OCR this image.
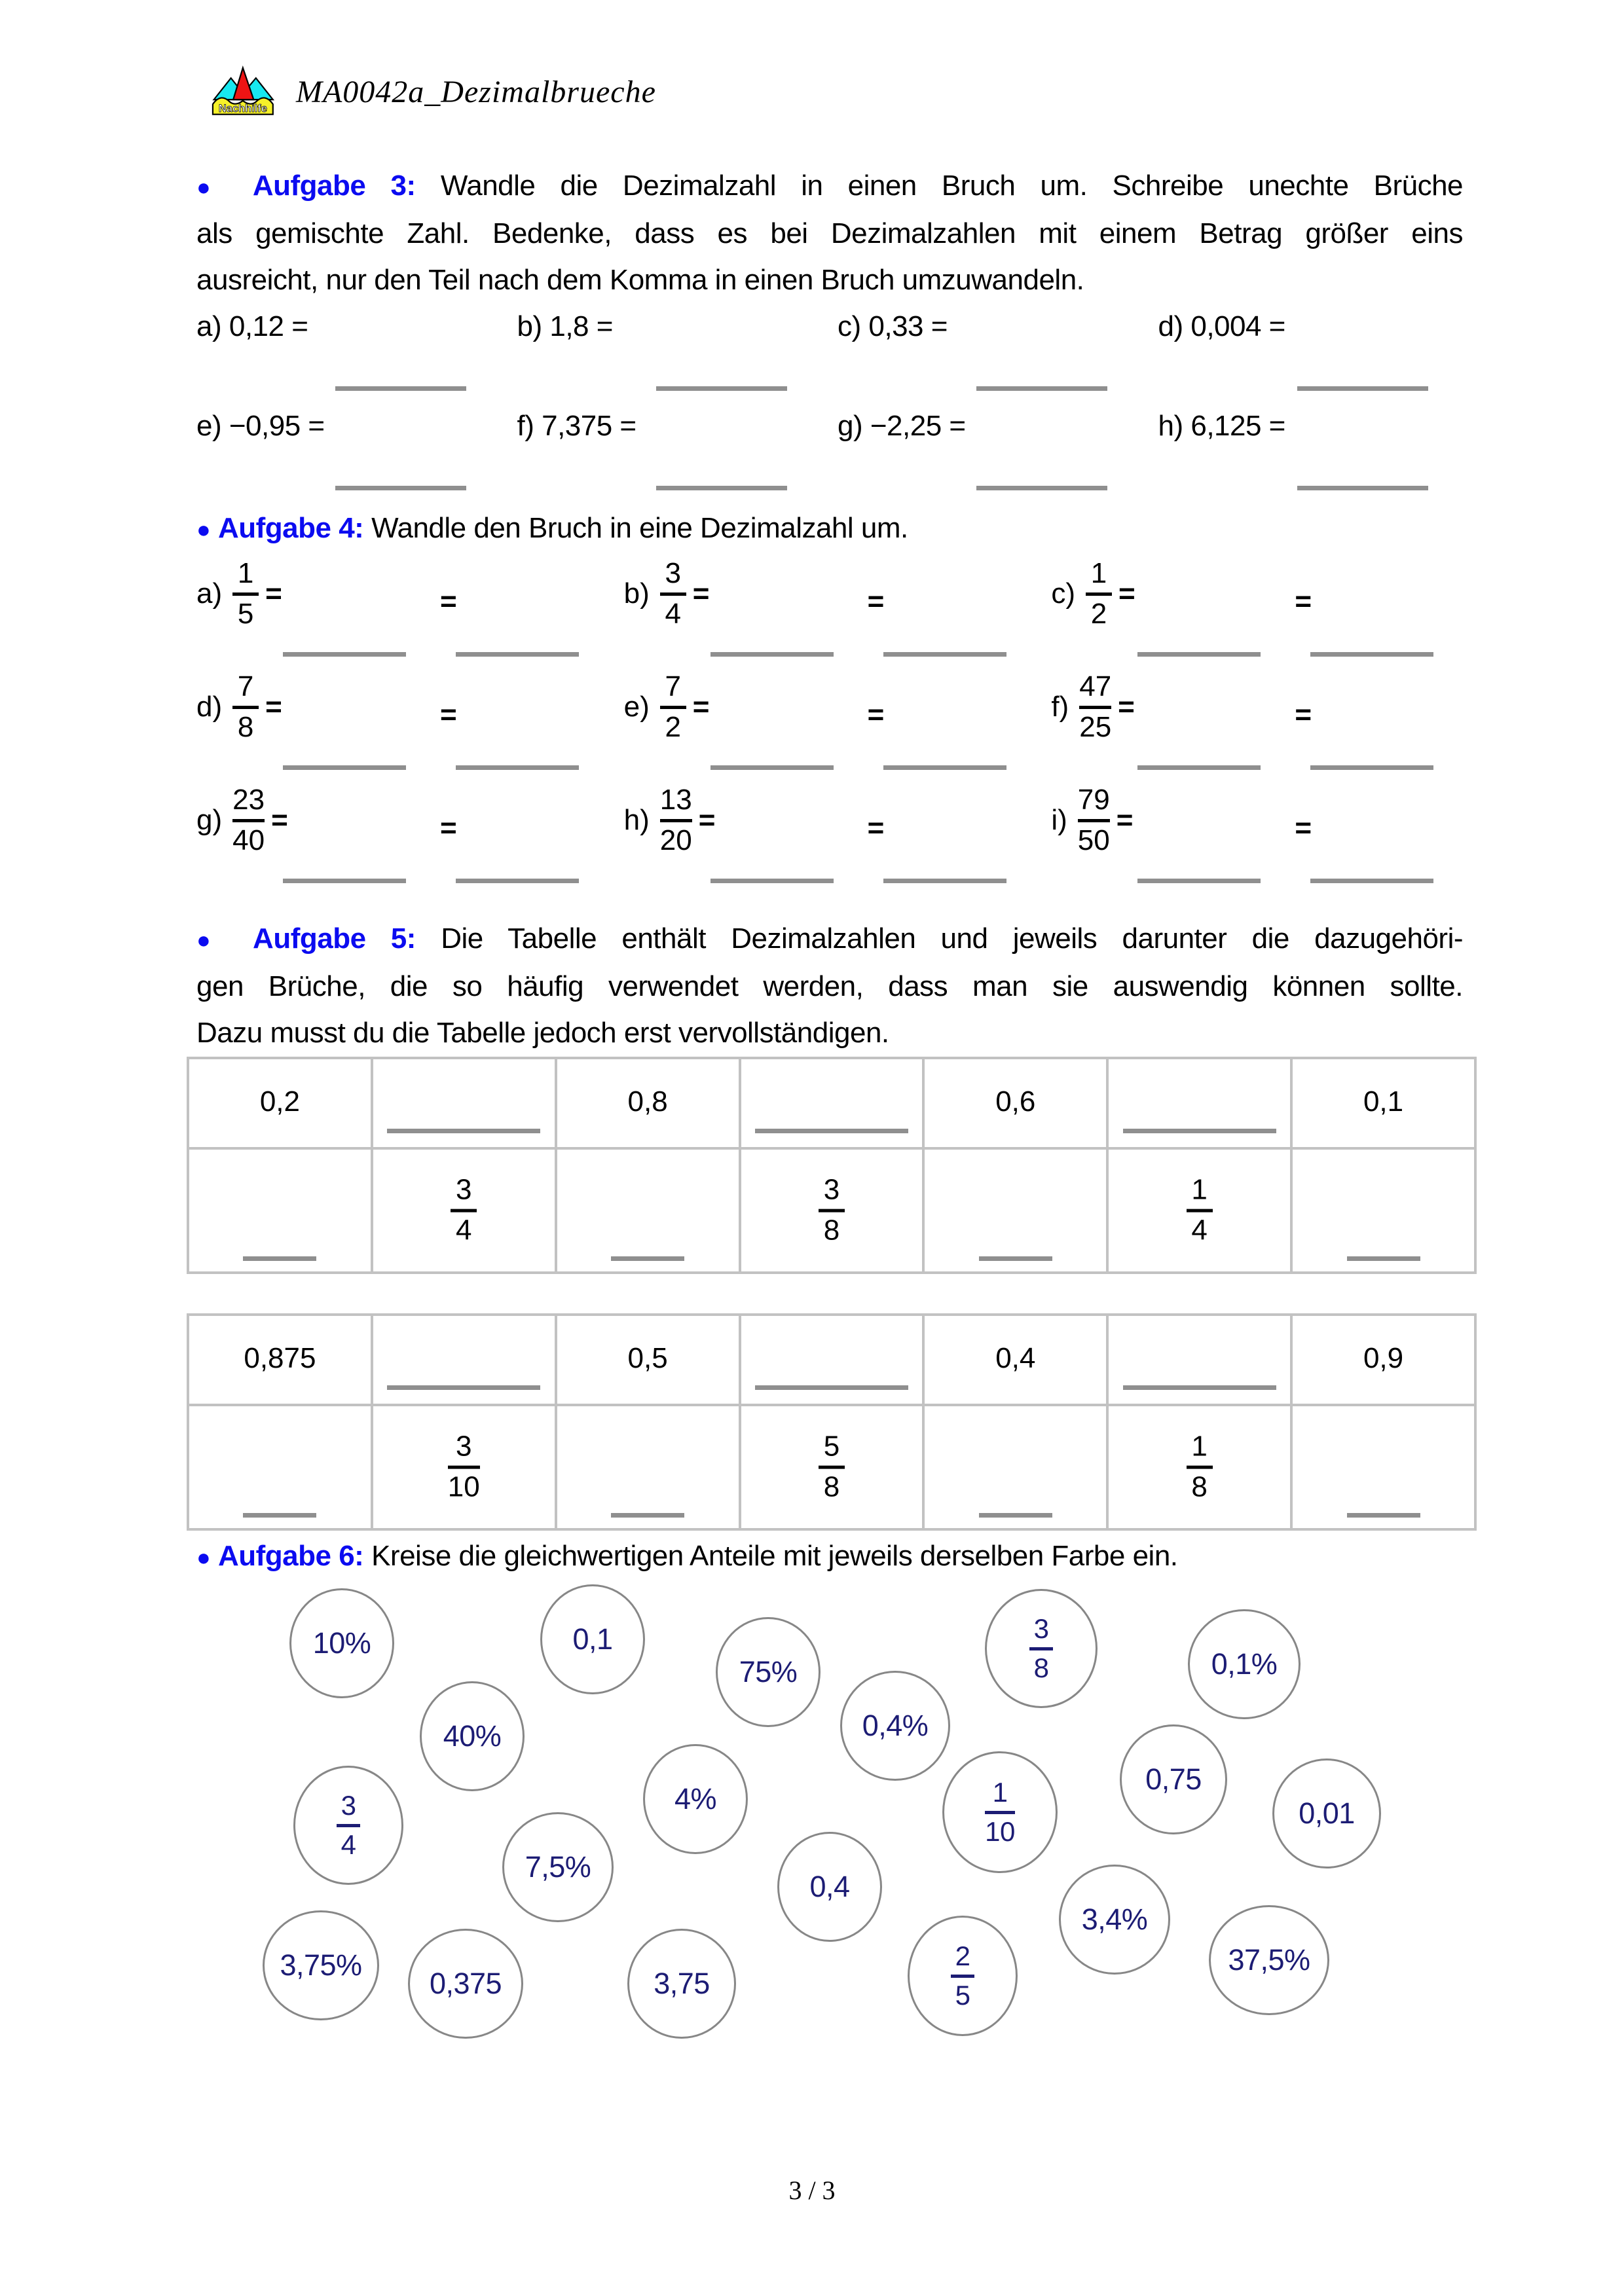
Nachhilfe MA0042a_Dezimalbrueche
● Aufgabe 3: Wandle die Dezimalzahl in einen Bruch um. Schreibe unechte Brüche
als gemischte Zahl. Bedenke, dass es bei Dezimalzahlen mit einem Betrag größer eins
ausreicht, nur den Teil nach dem Komma in einen Bruch umzuwandeln.
a) 0,12 =	b) 1,8 =	c) 0,33 =	d) 0,004 =
e) −0,95 =	f) 7,375 =	g) −2,25 =	h) 6,125 =
● Aufgabe 4: Wandle den Bruch in eine Dezimalzahl um.
a)
1
5
=	=	b)
3
4
=	=	c)
1
2
=	=
d)
7
8
=	=	e)
7
2
=	=	f)
47
25
=	=
g)
23
40
=	=	h)
13
20
=	=	i)
79
50
=	=
● Aufgabe 5: Die Tabelle enthält Dezimalzahlen und jeweils darunter die dazugehöri-
gen Brüche, die so häufig verwendet werden, dass man sie auswendig können sollte.
Dazu musst du die Tabelle jedoch erst vervollständigen.
0,2		0,8		0,6		0,1

	3
4		3
8		1
4	

0,875		0,5		0,4		0,9

	3
10		5
8		1
8	

● Aufgabe 6: Kreise die gleichwertigen Anteile mit jeweils derselben Farbe ein.
10%	0,1
75%
3
8	0,1%
40%	0,4%
0,75
3
4
4%	1
10
0,01
7,5%
0,4
3,4%
3,75%
0,375	3,75
2
5
37,5%
3 / 3
